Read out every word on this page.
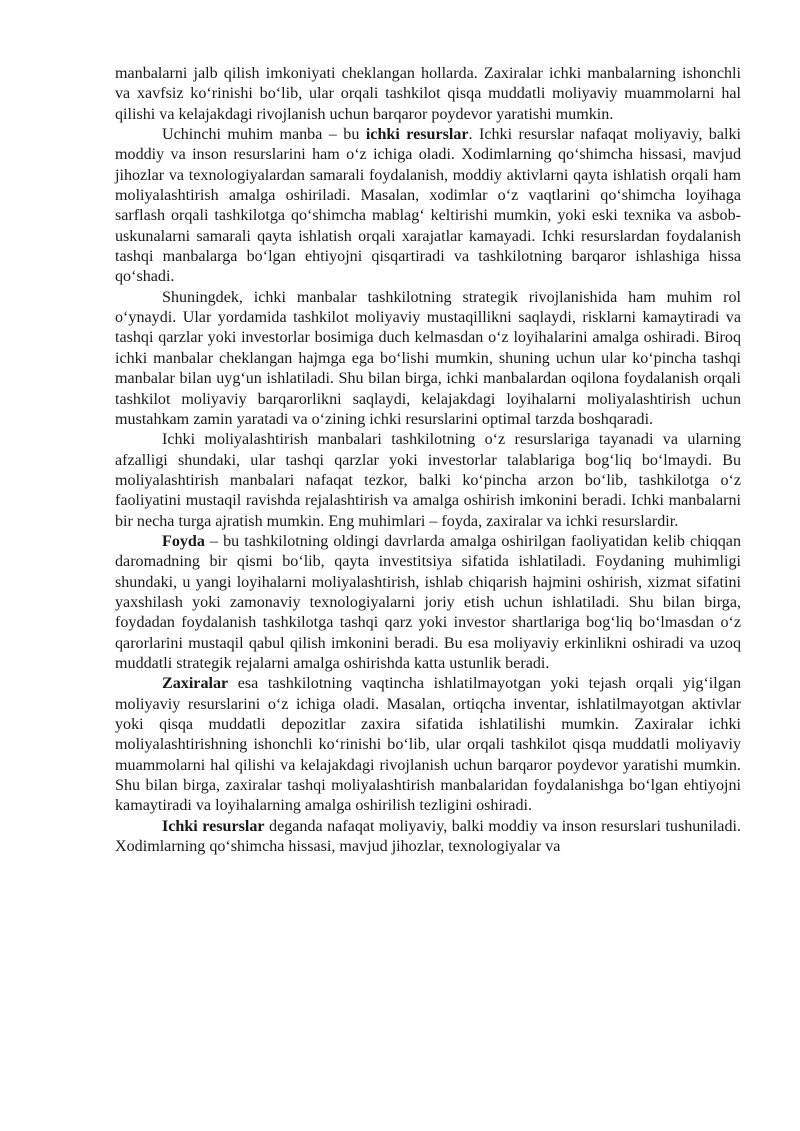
manbalarni jalb qilish imkoniyati cheklangan hollarda. Zaxiralar ichki manbalarning ishonchli va xavfsiz ko‘rinishi bo‘lib, ular orqali tashkilot qisqa muddatli moliyaviy muammolarni hal qilishi va kelajakdagi rivojlanish uchun barqaror poydevor yaratishi mumkin.

Uchinchi muhim manba – bu ichki resurslar. Ichki resurslar nafaqat moliyaviy, balki moddiy va inson resurslarini ham o‘z ichiga oladi. Xodimlarning qo‘shimcha hissasi, mavjud jihozlar va texnologiyalardan samarali foydalanish, moddiy aktivlarni qayta ishlatish orqali ham moliyalashtirish amalga oshiriladi. Masalan, xodimlar o‘z vaqtlarini qo‘shimcha loyihaga sarflash orqali tashkilotga qo‘shimcha mablag‘ keltirishi mumkin, yoki eski texnika va asbob-uskunalarni samarali qayta ishlatish orqali xarajatlar kamayadi. Ichki resurslardan foydalanish tashqi manbalarga bo‘lgan ehtiyojni qisqartiradi va tashkilotning barqaror ishlashiga hissa qo‘shadi.

Shuningdek, ichki manbalar tashkilotning strategik rivojlanishida ham muhim rol o‘ynaydi. Ular yordamida tashkilot moliyaviy mustaqillikni saqlaydi, risklarni kamaytiradi va tashqi qarzlar yoki investorlar bosimiga duch kelmasdan o‘z loyihalarini amalga oshiradi. Biroq ichki manbalar cheklangan hajmga ega bo‘lishi mumkin, shuning uchun ular ko‘pincha tashqi manbalar bilan uyg‘un ishlatiladi. Shu bilan birga, ichki manbalardan oqilona foydalanish orqali tashkilot moliyaviy barqarorlikni saqlaydi, kelajakdagi loyihalarni moliyalashtirish uchun mustahkam zamin yaratadi va o‘zining ichki resurslarini optimal tarzda boshqaradi.

Ichki moliyalashtirish manbalari tashkilotning o‘z resurslariga tayanadi va ularning afzalligi shundaki, ular tashqi qarzlar yoki investorlar talablariga bog‘liq bo‘lmaydi. Bu moliyalashtirish manbalari nafaqat tezkor, balki ko‘pincha arzon bo‘lib, tashkilotga o‘z faoliyatini mustaqil ravishda rejalashtirish va amalga oshirish imkonini beradi. Ichki manbalarni bir necha turga ajratish mumkin. Eng muhimlari – foyda, zaxiralar va ichki resurslardir.

Foyda – bu tashkilotning oldingi davrlarda amalga oshirilgan faoliyatidan kelib chiqqan daromadning bir qismi bo‘lib, qayta investitsiya sifatida ishlatiladi. Foydaning muhimligi shundaki, u yangi loyihalarni moliyalashtirish, ishlab chiqarish hajmini oshirish, xizmat sifatini yaxshilash yoki zamonaviy texnologiyalarni joriy etish uchun ishlatiladi. Shu bilan birga, foydadan foydalanish tashkilotga tashqi qarz yoki investor shartlariga bog‘liq bo‘lmasdan o‘z qarorlarini mustaqil qabul qilish imkonini beradi. Bu esa moliyaviy erkinlikni oshiradi va uzoq muddatli strategik rejalarni amalga oshirishda katta ustunlik beradi.

Zaxiralar esa tashkilotning vaqtincha ishlatilmayotgan yoki tejash orqali yig‘ilgan moliyaviy resurslarini o‘z ichiga oladi. Masalan, ortiqcha inventar, ishlatilmayotgan aktivlar yoki qisqa muddatli depozitlar zaxira sifatida ishlatilishi mumkin. Zaxiralar ichki moliyalashtirishning ishonchli ko‘rinishi bo‘lib, ular orqali tashkilot qisqa muddatli moliyaviy muammolarni hal qilishi va kelajakdagi rivojlanish uchun barqaror poydevor yaratishi mumkin. Shu bilan birga, zaxiralar tashqi moliyalashtirish manbalaridan foydalanishga bo‘lgan ehtiyojni kamaytiradi va loyihalarning amalga oshirilish tezligini oshiradi.

Ichki resurslar deganda nafaqat moliyaviy, balki moddiy va inson resurslari tushuniladi. Xodimlarning qo‘shimcha hissasi, mavjud jihozlar, texnologiyalar va
